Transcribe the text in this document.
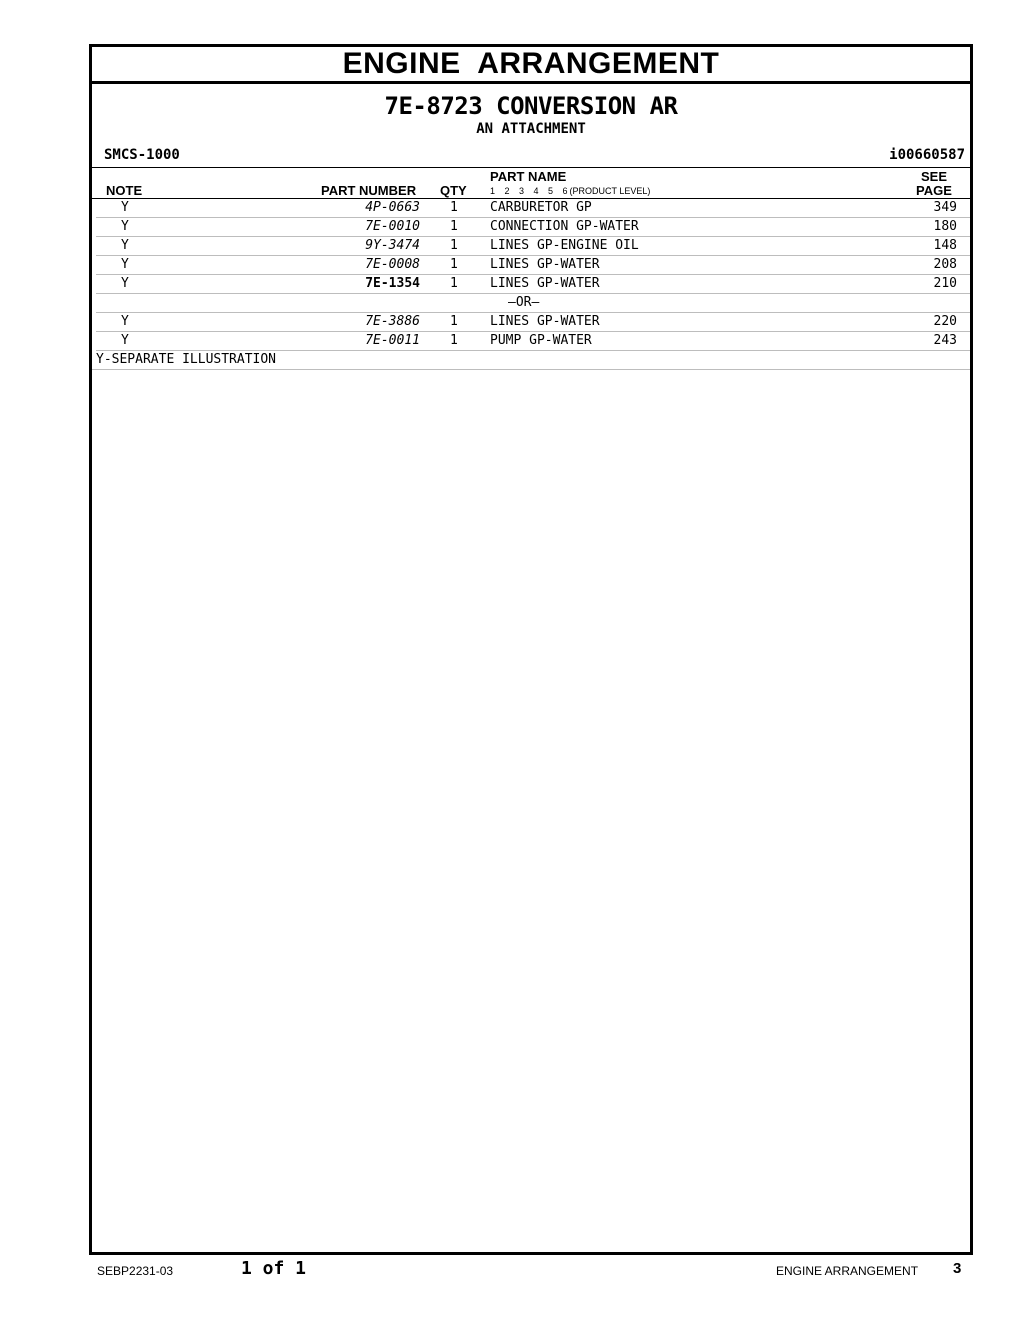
ENGINE  ARRANGEMENT
7E-8723 CONVERSION AR
AN ATTACHMENT
SMCS-1000	i00660587
NOTE	PART NUMBER QTY
PART NAME
1 2 3 4 5 6 (PRODUCT LEVEL)
SEE
PAGE
Y	4P-0663 1 CARBURETOR GP	349
Y	7E-0010 1 CONNECTION GP-WATER	180
Y	9Y-3474 1 LINES GP-ENGINE OIL	148
Y	7E-0008 1 LINES GP-WATER	208
Y	7E-1354 1 LINES GP-WATER	210
—OR—
Y	7E-3886 1 LINES GP-WATER	220
Y	7E-0011 1 PUMP GP-WATER	243
Y-SEPARATE ILLUSTRATION
SEBP2231-03	1 of 1	ENGINE ARRANGEMENT 3
